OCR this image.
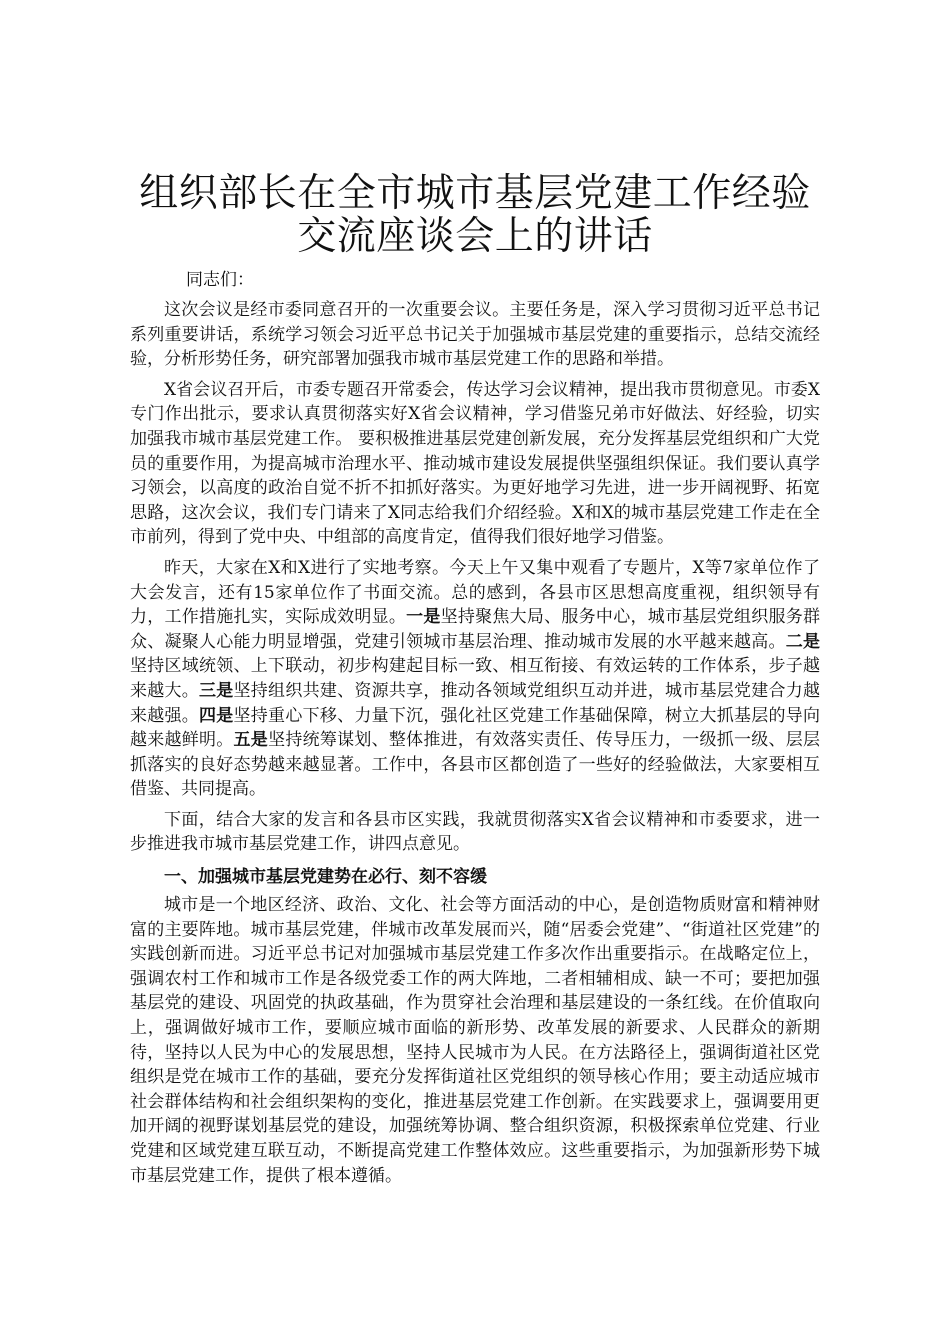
组织部长在全市城市基层党建工作经验交流座谈会上的讲话

同志们：

这次会议是经市委同意召开的一次重要会议。主要任务是，深入学习贯彻习近平总书记系列重要讲话，系统学习领会习近平总书记关于加强城市基层党建的重要指示，总结交流经验，分析形势任务，研究部署加强我市城市基层党建工作的思路和举措。

X省会议召开后，市委专题召开常委会，传达学习会议精神，提出我市贯彻意见。市委X专门作出批示，要求认真贯彻落实好X省会议精神，学习借鉴兄弟市好做法、好经验，切实加强我市城市基层党建工作。 要积极推进基层党建创新发展，充分发挥基层党组织和广大党员的重要作用，为提高城市治理水平、推动城市建设发展提供坚强组织保证。我们要认真学习领会，以高度的政治自觉不折不扣抓好落实。为更好地学习先进，进一步开阔视野、拓宽思路，这次会议，我们专门请来了X同志给我们介绍经验。X和X的城市基层党建工作走在全市前列，得到了党中央、中组部的高度肯定，值得我们很好地学习借鉴。

昨天，大家在X和X进行了实地考察。今天上午又集中观看了专题片，X等7家单位作了大会发言，还有15家单位作了书面交流。总的感到，各县市区思想高度重视，组织领导有力，工作措施扎实，实际成效明显。一是坚持聚焦大局、服务中心，城市基层党组织服务群众、凝聚人心能力明显增强，党建引领城市基层治理、推动城市发展的水平越来越高。二是坚持区域统领、上下联动，初步构建起目标一致、相互衔接、有效运转的工作体系，步子越来越大。三是坚持组织共建、资源共享，推动各领域党组织互动并进，城市基层党建合力越来越强。四是坚持重心下移、力量下沉，强化社区党建工作基础保障，树立大抓基层的导向越来越鲜明。五是坚持统筹谋划、整体推进，有效落实责任、传导压力，一级抓一级、层层抓落实的良好态势越来越显著。工作中，各县市区都创造了一些好的经验做法，大家要相互借鉴、共同提高。

下面，结合大家的发言和各县市区实践，我就贯彻落实X省会议精神和市委要求，进一步推进我市城市基层党建工作，讲四点意见。

一、加强城市基层党建势在必行、刻不容缓

城市是一个地区经济、政治、文化、社会等方面活动的中心，是创造物质财富和精神财富的主要阵地。城市基层党建，伴城市改革发展而兴，随“居委会党建”、“街道社区党建”的实践创新而进。习近平总书记对加强城市基层党建工作多次作出重要指示。在战略定位上，强调农村工作和城市工作是各级党委工作的两大阵地，二者相辅相成、缺一不可；要把加强基层党的建设、巩固党的执政基础，作为贯穿社会治理和基层建设的一条红线。在价值取向上，强调做好城市工作，要顺应城市面临的新形势、改革发展的新要求、人民群众的新期待，坚持以人民为中心的发展思想，坚持人民城市为人民。在方法路径上，强调街道社区党组织是党在城市工作的基础，要充分发挥街道社区党组织的领导核心作用；要主动适应城市社会群体结构和社会组织架构的变化，推进基层党建工作创新。在实践要求上，强调要用更加开阔的视野谋划基层党的建设，加强统筹协调、整合组织资源，积极探索单位党建、行业党建和区域党建互联互动，不断提高党建工作整体效应。这些重要指示，为加强新形势下城市基层党建工作，提供了根本遵循。
